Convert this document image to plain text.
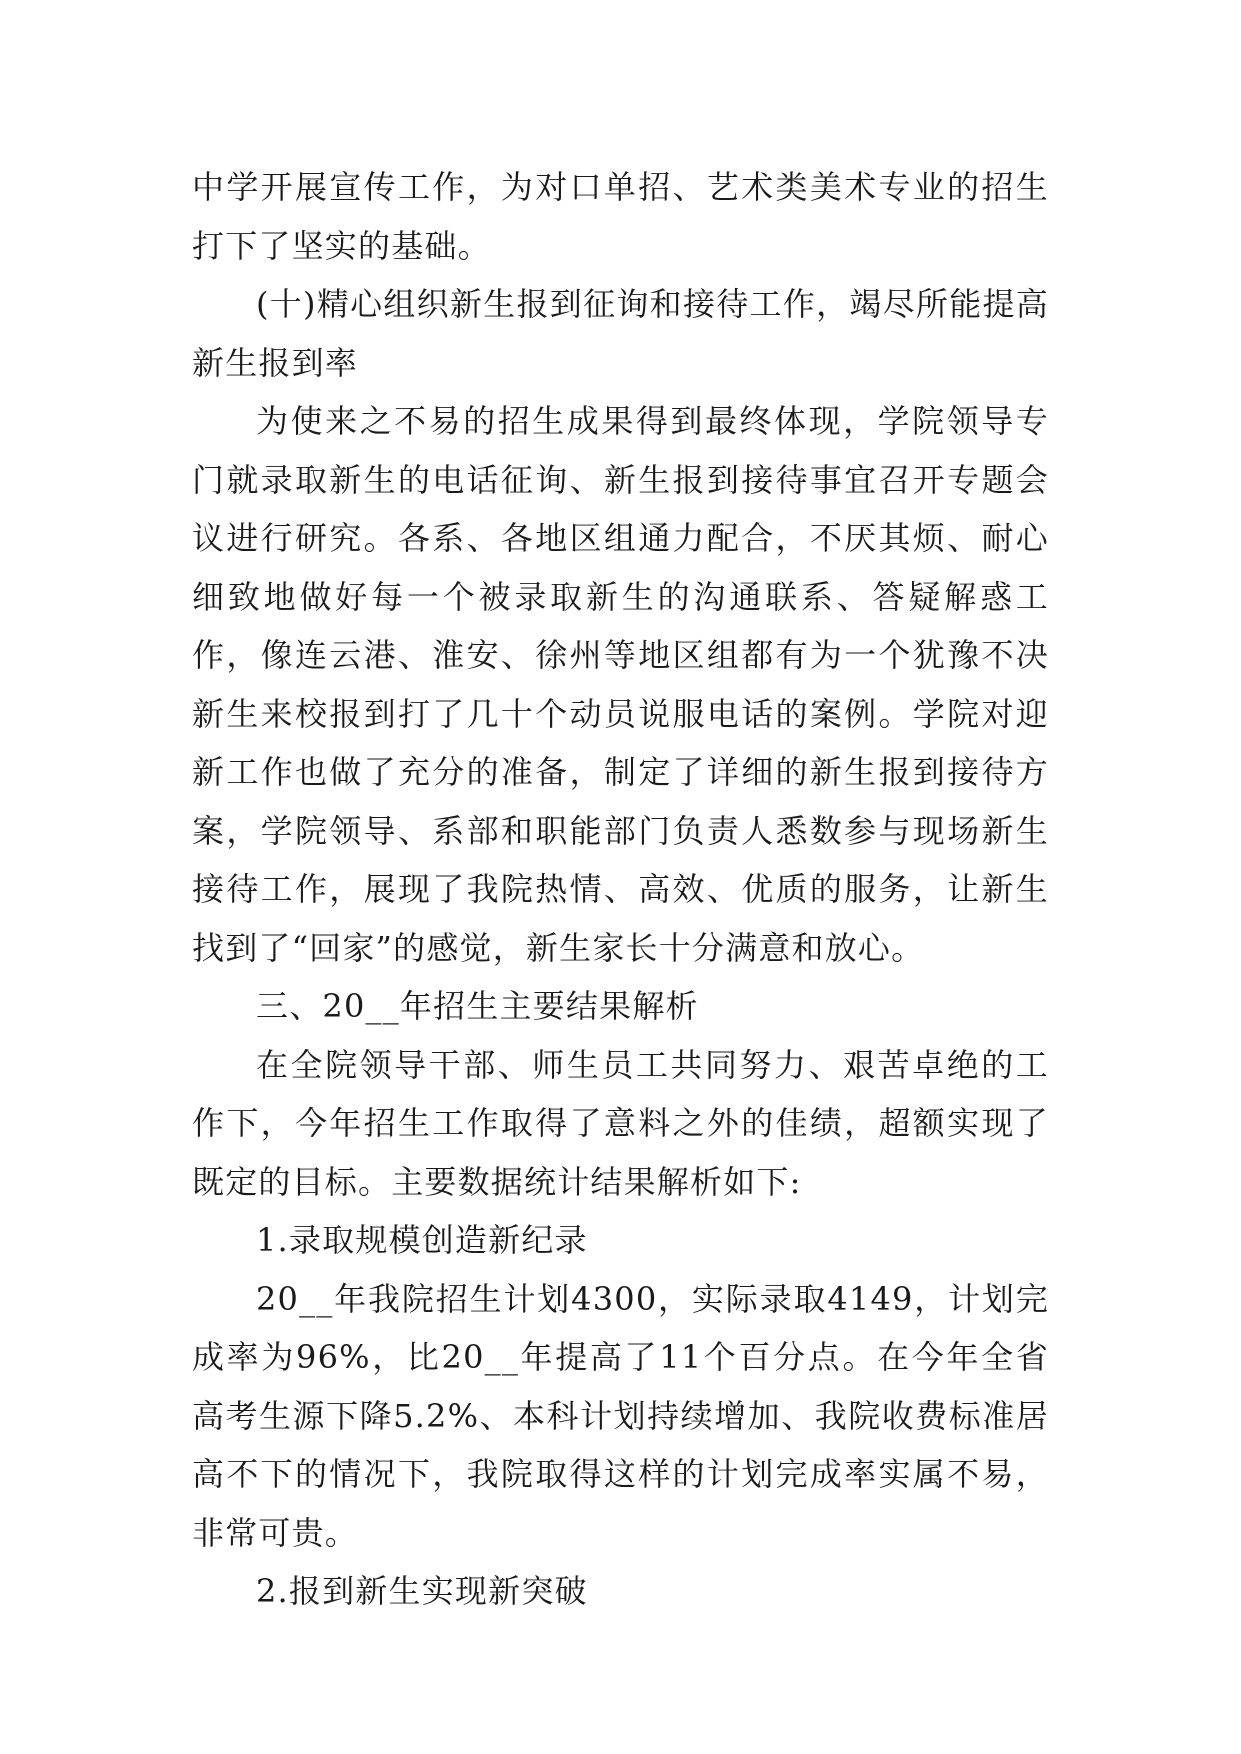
中学开展宣传工作，为对口单招、艺术类美术专业的招生打下了坚实的基础。

(十)精心组织新生报到征询和接待工作，竭尽所能提高新生报到率

为使来之不易的招生成果得到最终体现，学院领导专门就录取新生的电话征询、新生报到接待事宜召开专题会议进行研究。各系、各地区组通力配合，不厌其烦、耐心细致地做好每一个被录取新生的沟通联系、答疑解惑工作，像连云港、淮安、徐州等地区组都有为一个犹豫不决新生来校报到打了几十个动员说服电话的案例。学院对迎新工作也做了充分的准备，制定了详细的新生报到接待方案，学院领导、系部和职能部门负责人悉数参与现场新生接待工作，展现了我院热情、高效、优质的服务，让新生找到了“回家”的感觉，新生家长十分满意和放心。

三、20__年招生主要结果解析

在全院领导干部、师生员工共同努力、艰苦卓绝的工作下，今年招生工作取得了意料之外的佳绩，超额实现了既定的目标。主要数据统计结果解析如下:

1.录取规模创造新纪录

20__年我院招生计划4300，实际录取4149，计划完成率为96%，比20__年提高了11个百分点。在今年全省高考生源下降5.2%、本科计划持续增加、我院收费标准居高不下的情况下，我院取得这样的计划完成率实属不易，非常可贵。

2.报到新生实现新突破
